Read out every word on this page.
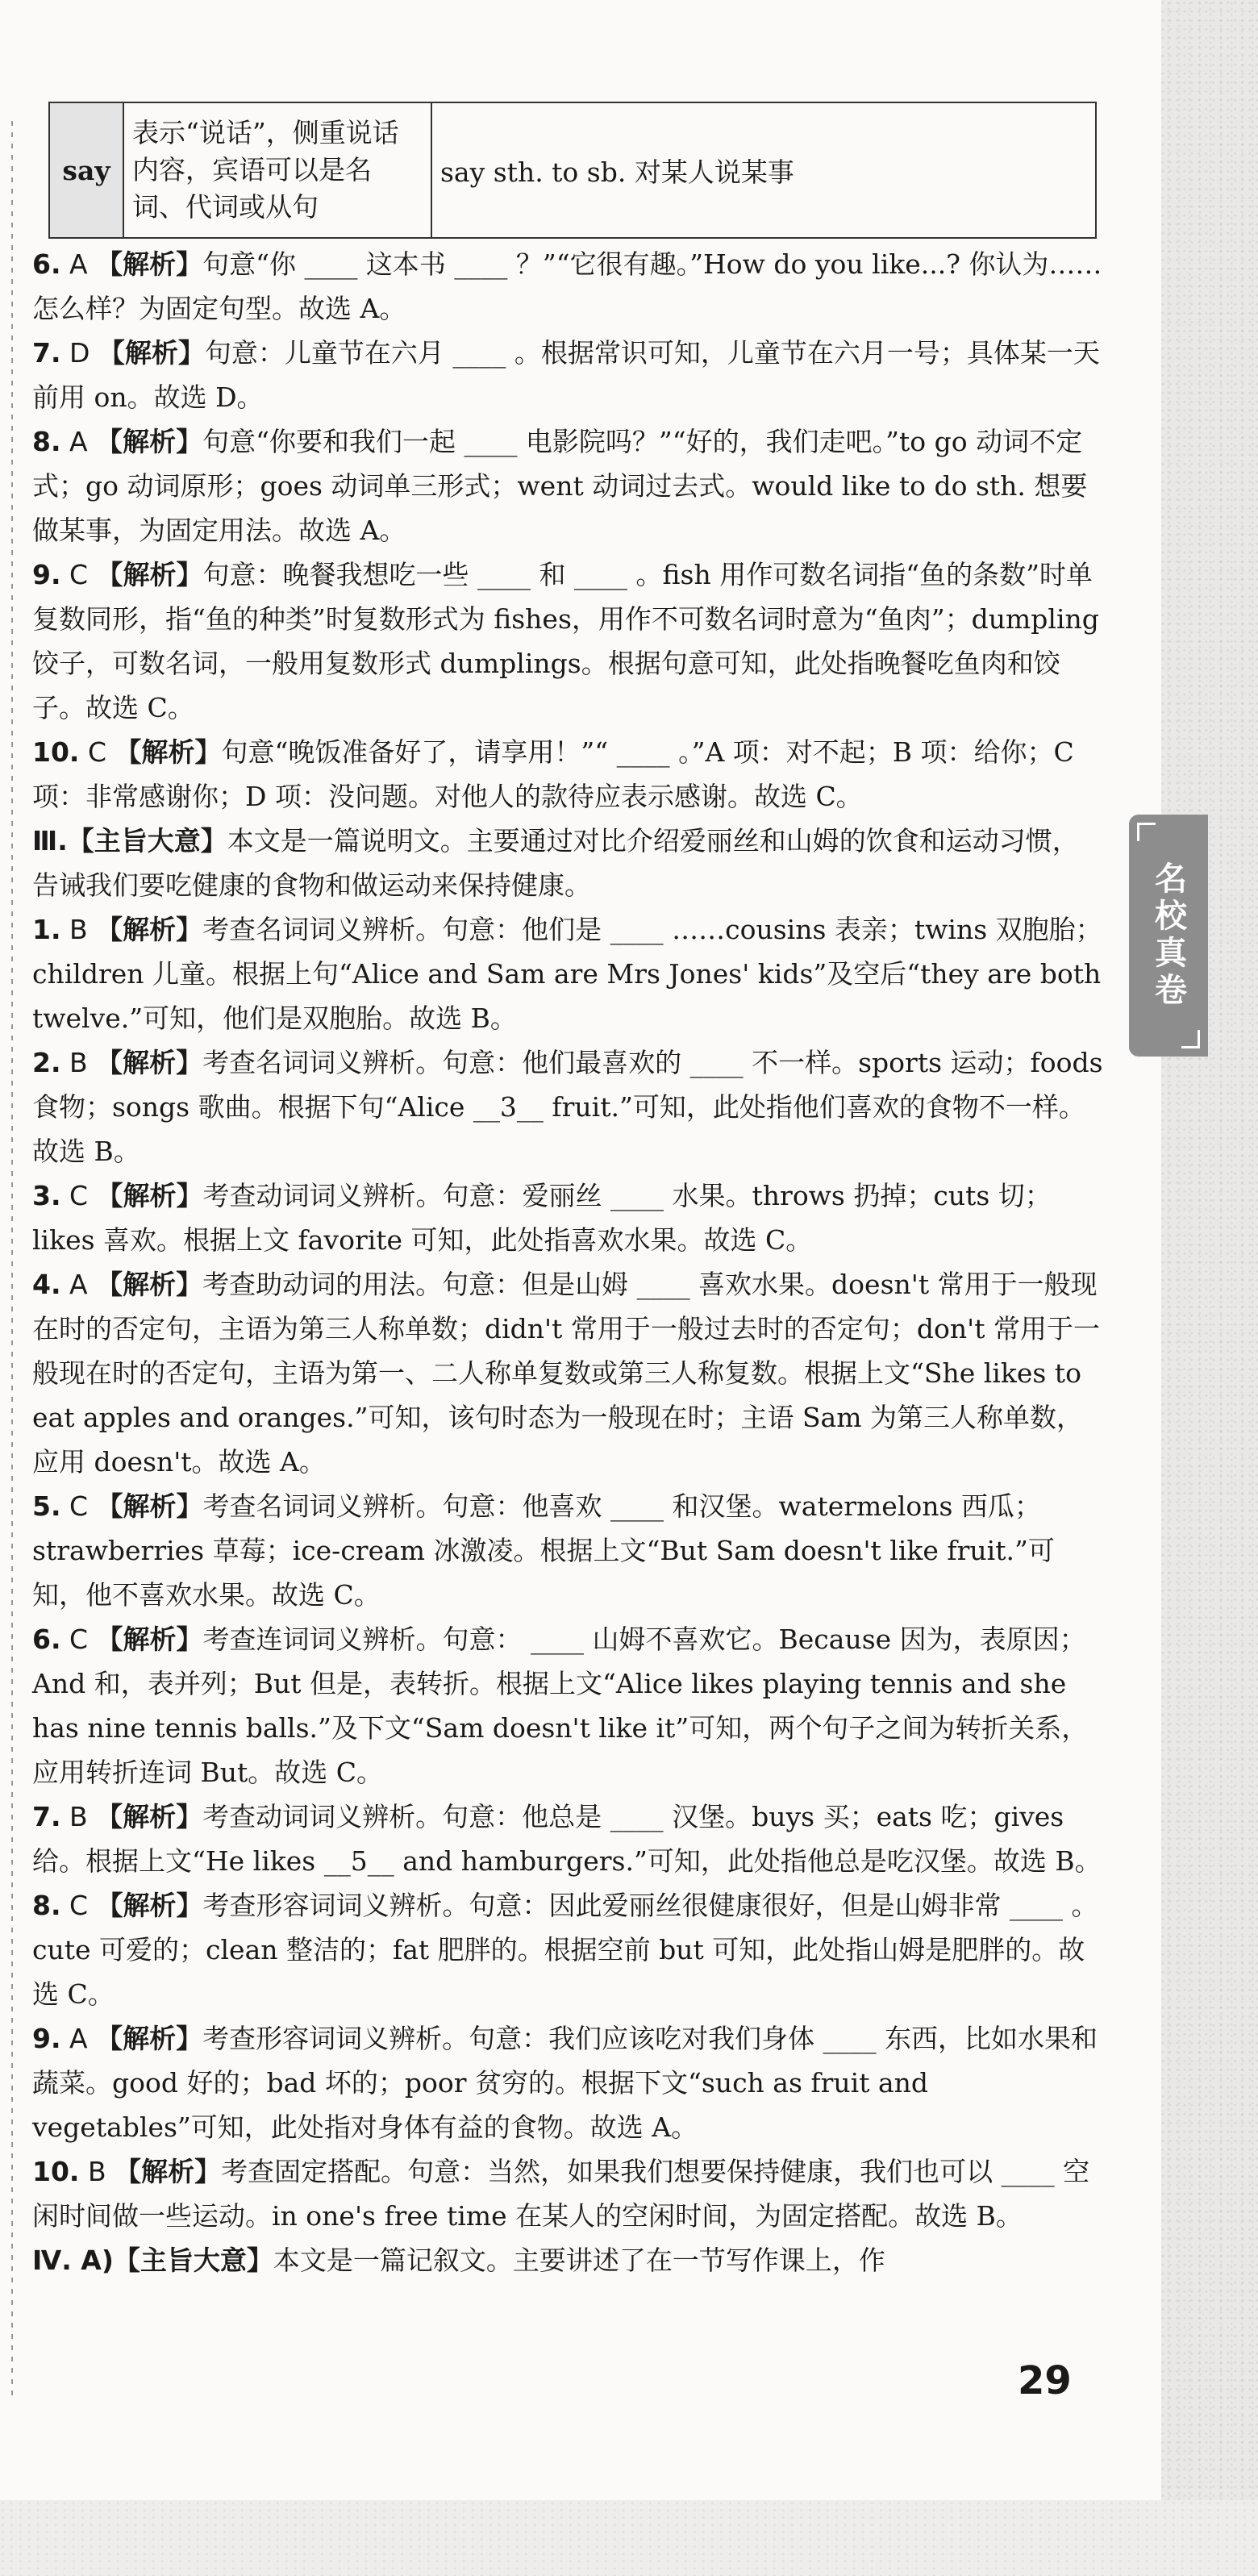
名校真卷
say	表示“说话”，侧重说话内容，宾语可以是名词、代词或从句	say sth. to sb. 对某人说某事
6. A 【解析】句意“你 ____ 这本书 ____ ？”“它很有趣。”How do you like...? 你认为……怎么样？为固定句型。故选 A。
7. D 【解析】句意：儿童节在六月 ____ 。根据常识可知，儿童节在六月一号；具体某一天前用 on。故选 D。
8. A 【解析】句意“你要和我们一起 ____ 电影院吗？”“好的，我们走吧。”to go 动词不定式；go 动词原形；goes 动词单三形式；went 动词过去式。would like to do sth. 想要做某事，为固定用法。故选 A。
9. C 【解析】句意：晚餐我想吃一些 ____ 和 ____ 。fish 用作可数名词指“鱼的条数”时单复数同形，指“鱼的种类”时复数形式为 fishes，用作不可数名词时意为“鱼肉”；dumpling 饺子，可数名词，一般用复数形式 dumplings。根据句意可知，此处指晚餐吃鱼肉和饺子。故选 C。
10. C 【解析】句意“晚饭准备好了，请享用！”“ ____ 。”A 项：对不起；B 项：给你；C 项：非常感谢你；D 项：没问题。对他人的款待应表示感谢。故选 C。
Ⅲ.【主旨大意】本文是一篇说明文。主要通过对比介绍爱丽丝和山姆的饮食和运动习惯，告诫我们要吃健康的食物和做运动来保持健康。
1. B 【解析】考查名词词义辨析。句意：他们是 ____ ……cousins 表亲；twins 双胞胎；children 儿童。根据上句“Alice and Sam are Mrs Jones' kids”及空后“they are both twelve.”可知，他们是双胞胎。故选 B。
2. B 【解析】考查名词词义辨析。句意：他们最喜欢的 ____ 不一样。sports 运动；foods 食物；songs 歌曲。根据下句“Alice __3__ fruit.”可知，此处指他们喜欢的食物不一样。故选 B。
3. C 【解析】考查动词词义辨析。句意：爱丽丝 ____ 水果。throws 扔掉；cuts 切；likes 喜欢。根据上文 favorite 可知，此处指喜欢水果。故选 C。
4. A 【解析】考查助动词的用法。句意：但是山姆 ____ 喜欢水果。doesn't 常用于一般现在时的否定句，主语为第三人称单数；didn't 常用于一般过去时的否定句；don't 常用于一般现在时的否定句，主语为第一、二人称单复数或第三人称复数。根据上文“She likes to eat apples and oranges.”可知，该句时态为一般现在时；主语 Sam 为第三人称单数，应用 doesn't。故选 A。
5. C 【解析】考查名词词义辨析。句意：他喜欢 ____ 和汉堡。watermelons 西瓜；strawberries 草莓；ice-cream 冰激凌。根据上文“But Sam doesn't like fruit.”可知，他不喜欢水果。故选 C。
6. C 【解析】考查连词词义辨析。句意： ____ 山姆不喜欢它。Because 因为，表原因；And 和，表并列；But 但是，表转折。根据上文“Alice likes playing tennis and she has nine tennis balls.”及下文“Sam doesn't like it”可知，两个句子之间为转折关系，应用转折连词 But。故选 C。
7. B 【解析】考查动词词义辨析。句意：他总是 ____ 汉堡。buys 买；eats 吃；gives 给。根据上文“He likes __5__ and hamburgers.”可知，此处指他总是吃汉堡。故选 B。
8. C 【解析】考查形容词词义辨析。句意：因此爱丽丝很健康很好，但是山姆非常 ____ 。cute 可爱的；clean 整洁的；fat 肥胖的。根据空前 but 可知，此处指山姆是肥胖的。故选 C。
9. A 【解析】考查形容词词义辨析。句意：我们应该吃对我们身体 ____ 东西，比如水果和蔬菜。good 好的；bad 坏的；poor 贫穷的。根据下文“such as fruit and vegetables”可知，此处指对身体有益的食物。故选 A。
10. B 【解析】考查固定搭配。句意：当然，如果我们想要保持健康，我们也可以 ____ 空闲时间做一些运动。in one's free time 在某人的空闲时间，为固定搭配。故选 B。
Ⅳ. A)【主旨大意】本文是一篇记叙文。主要讲述了在一节写作课上，作
29
